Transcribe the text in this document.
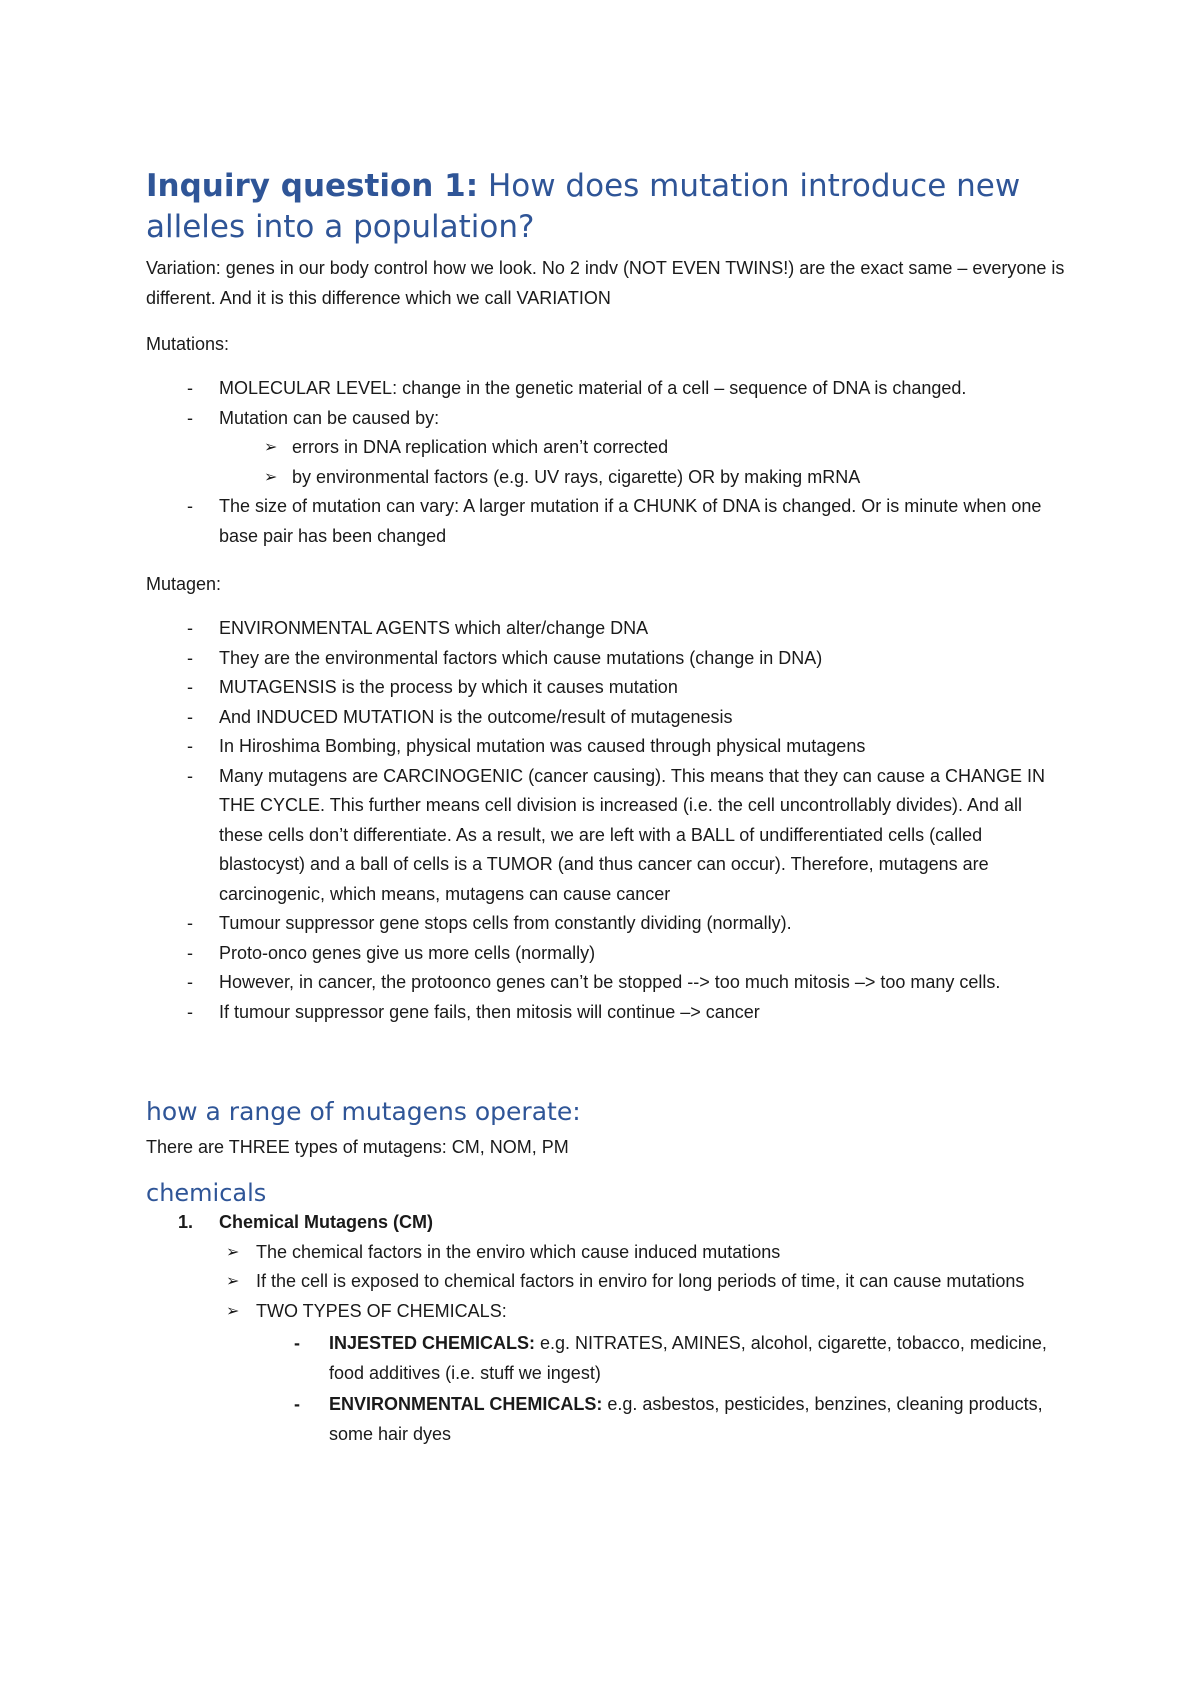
Inquiry question 1: How does mutation introduce new alleles into a population?
Variation: genes in our body control how we look. No 2 indv (NOT EVEN TWINS!) are the exact same – everyone is different. And it is this difference which we call VARIATION
Mutations:
- MOLECULAR LEVEL: change in the genetic material of a cell – sequence of DNA is changed.
- Mutation can be caused by:
➢ errors in DNA replication which aren’t corrected
➢ by environmental factors (e.g. UV rays, cigarette) OR by making mRNA
- The size of mutation can vary: A larger mutation if a CHUNK of DNA is changed. Or is minute when one base pair has been changed
Mutagen:
- ENVIRONMENTAL AGENTS which alter/change DNA
- They are the environmental factors which cause mutations (change in DNA)
- MUTAGENSIS is the process by which it causes mutation
- And INDUCED MUTATION is the outcome/result of mutagenesis
- In Hiroshima Bombing, physical mutation was caused through physical mutagens
- Many mutagens are CARCINOGENIC (cancer causing). This means that they can cause a CHANGE IN THE CYCLE. This further means cell division is increased (i.e. the cell uncontrollably divides). And all these cells don’t differentiate. As a result, we are left with a BALL of undifferentiated cells (called blastocyst) and a ball of cells is a TUMOR (and thus cancer can occur). Therefore, mutagens are carcinogenic, which means, mutagens can cause cancer
- Tumour suppressor gene stops cells from constantly dividing (normally).
- Proto-onco genes give us more cells (normally)
- However, in cancer, the protoonco genes can’t be stopped --> too much mitosis –> too many cells.
- If tumour suppressor gene fails, then mitosis will continue –> cancer
how a range of mutagens operate:
There are THREE types of mutagens: CM, NOM, PM
chemicals
1. Chemical Mutagens (CM)
➢ The chemical factors in the enviro which cause induced mutations
➢ If the cell is exposed to chemical factors in enviro for long periods of time, it can cause mutations
➢ TWO TYPES OF CHEMICALS:
- INJESTED CHEMICALS: e.g. NITRATES, AMINES, alcohol, cigarette, tobacco, medicine, food additives (i.e. stuff we ingest)
- ENVIRONMENTAL CHEMICALS: e.g. asbestos, pesticides, benzines, cleaning products, some hair dyes
